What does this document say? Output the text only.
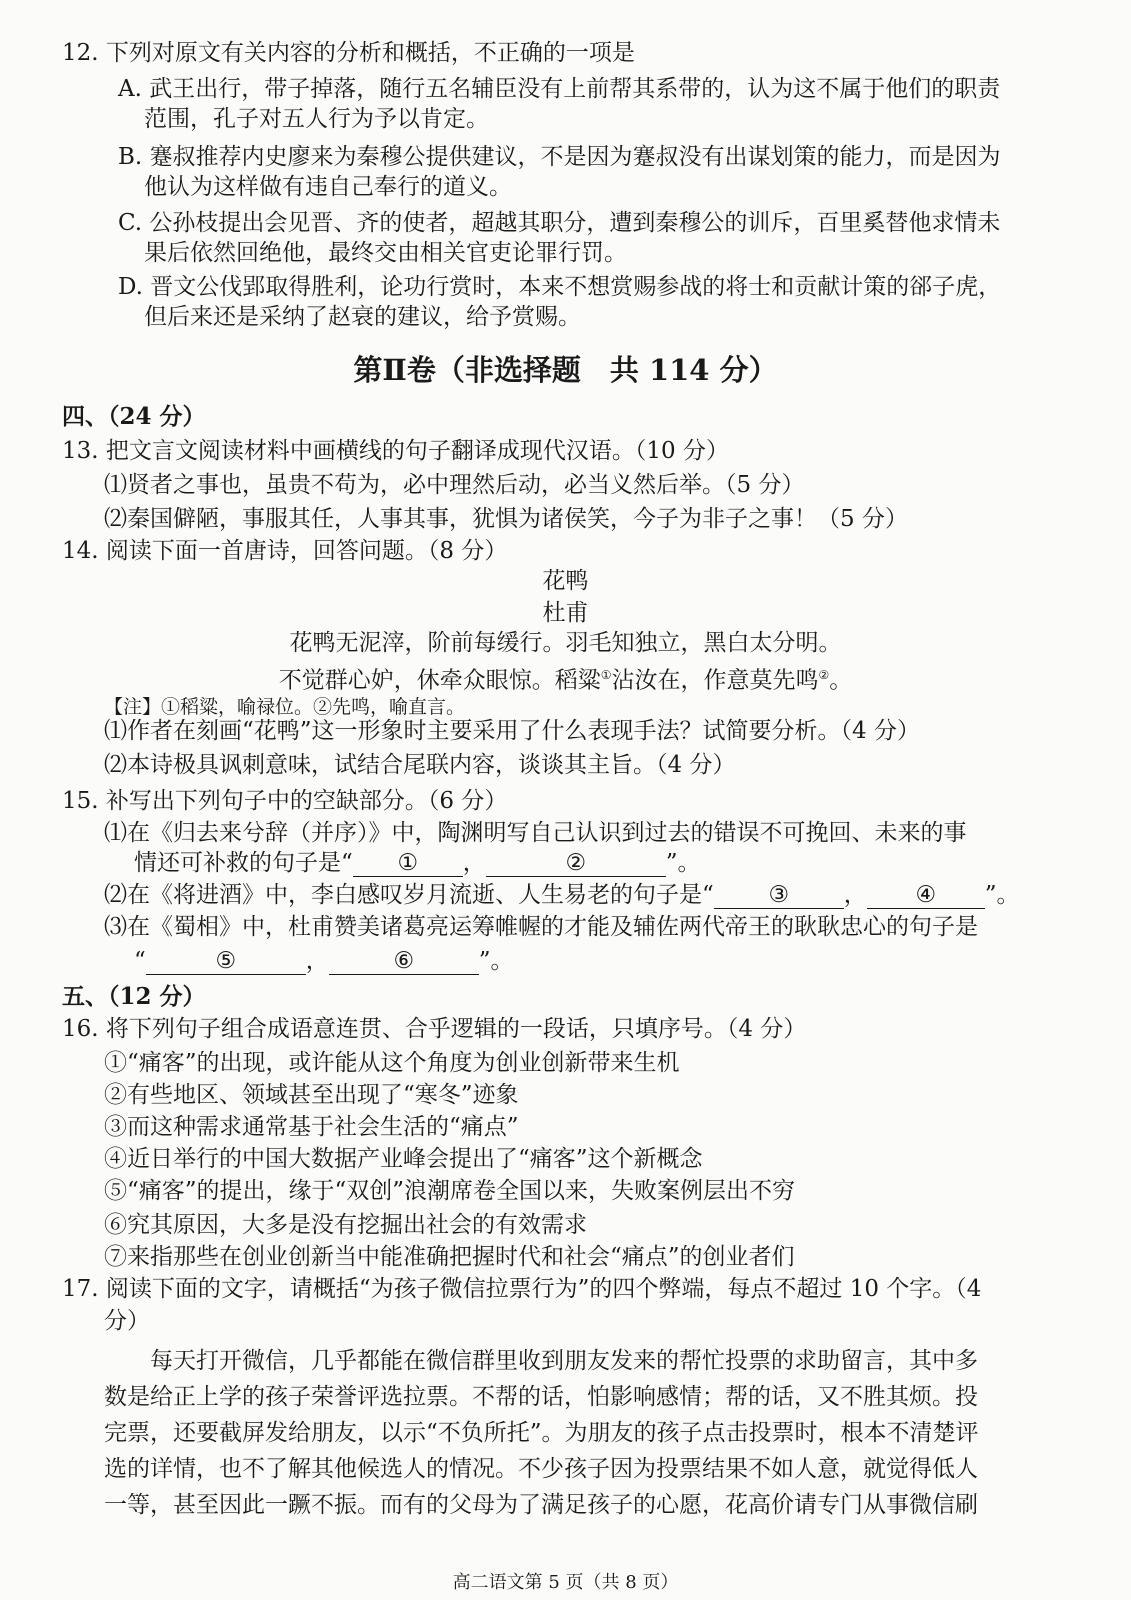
12. 下列对原文有关内容的分析和概括，不正确的一项是
A. 武王出行，带子掉落，随行五名辅臣没有上前帮其系带的，认为这不属于他们的职责
范围，孔子对五人行为予以肯定。
B. 蹇叔推荐内史廖来为秦穆公提供建议，不是因为蹇叔没有出谋划策的能力，而是因为
他认为这样做有违自己奉行的道义。
C. 公孙枝提出会见晋、齐的使者，超越其职分，遭到秦穆公的训斥，百里奚替他求情未
果后依然回绝他，最终交由相关官吏论罪行罚。
D. 晋文公伐郢取得胜利，论功行赏时，本来不想赏赐参战的将士和贡献计策的郤子虎，
但后来还是采纳了赵衰的建议，给予赏赐。
第Ⅱ卷（非选择题　共 114 分）
四、（24 分）
13. 把文言文阅读材料中画横线的句子翻译成现代汉语。（10 分）
⑴贤者之事也，虽贵不苟为，必中理然后动，必当义然后举。（5 分）
⑵秦国僻陋，事服其任，人事其事，犹惧为诸侯笑，今子为非子之事！（5 分）
14. 阅读下面一首唐诗，回答问题。（8 分）
花鸭
杜甫
花鸭无泥滓，阶前每缓行。羽毛知独立，黑白太分明。
不觉群心妒，休牵众眼惊。稻粱①沾汝在，作意莫先鸣②。
【注】①稻粱，喻禄位。②先鸣，喻直言。
⑴作者在刻画“花鸭”这一形象时主要采用了什么表现手法？试简要分析。（4 分）
⑵本诗极具讽刺意味，试结合尾联内容，谈谈其主旨。（4 分）
15. 补写出下列句子中的空缺部分。（6 分）
⑴在《归去来兮辞（并序）》中，陶渊明写自己认识到过去的错误不可挽回、未来的事
情还可补救的句子是“ ① ，	②	”。
⑵在《将进酒》中，李白感叹岁月流逝、人生易老的句子是“ ③ ， ④ ”。
⑶在《蜀相》中，杜甫赞美诸葛亮运筹帷幄的才能及辅佐两代帝王的耿耿忠心的句子是
“	⑤	，	⑥	”。
五、（12 分）
16. 将下列句子组合成语意连贯、合乎逻辑的一段话，只填序号。（4 分）
①“痛客”的出现，或许能从这个角度为创业创新带来生机
②有些地区、领域甚至出现了“寒冬”迹象
③而这种需求通常基于社会生活的“痛点”
④近日举行的中国大数据产业峰会提出了“痛客”这个新概念
⑤“痛客”的提出，缘于“双创”浪潮席卷全国以来，失败案例层出不穷
⑥究其原因，大多是没有挖掘出社会的有效需求
⑦来指那些在创业创新当中能准确把握时代和社会“痛点”的创业者们
17. 阅读下面的文字，请概括“为孩子微信拉票行为”的四个弊端，每点不超过 10 个字。（4
分）
每天打开微信，几乎都能在微信群里收到朋友发来的帮忙投票的求助留言，其中多
数是给正上学的孩子荣誉评选拉票。不帮的话，怕影响感情；帮的话，又不胜其烦。投
完票，还要截屏发给朋友，以示“不负所托”。为朋友的孩子点击投票时，根本不清楚评
选的详情，也不了解其他候选人的情况。不少孩子因为投票结果不如人意，就觉得低人
一等，甚至因此一蹶不振。而有的父母为了满足孩子的心愿，花高价请专门从事微信刷
高二语文第 5 页（共 8 页）
